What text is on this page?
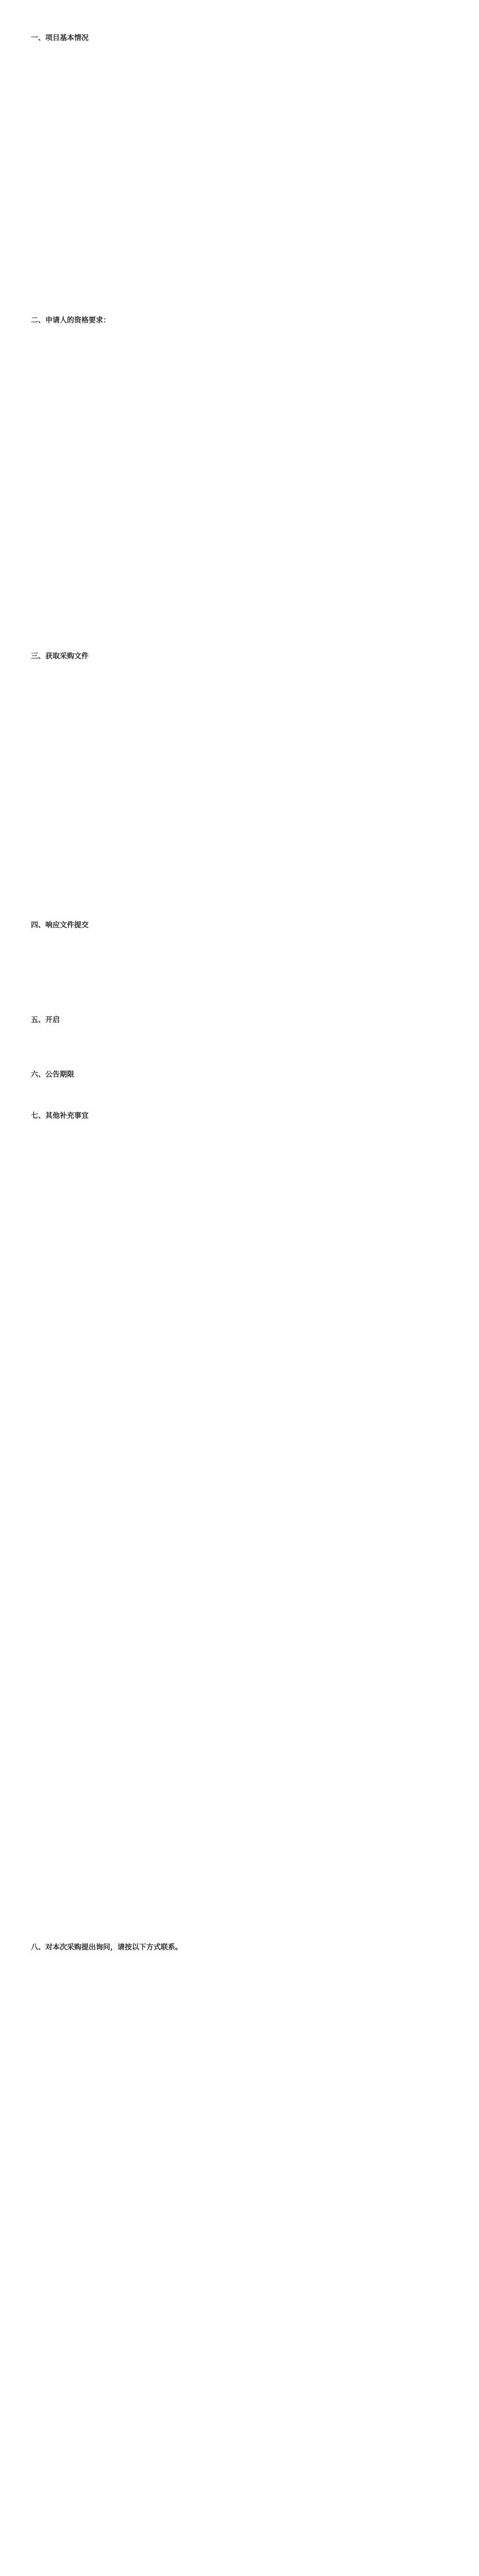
一、项目基本情况

二、申请人的资格要求：

三、获取采购文件

四、响应文件提交

五、开启

六、公告期限

七、其他补充事宜

八、对本次采购提出询问，请按以下方式联系。
